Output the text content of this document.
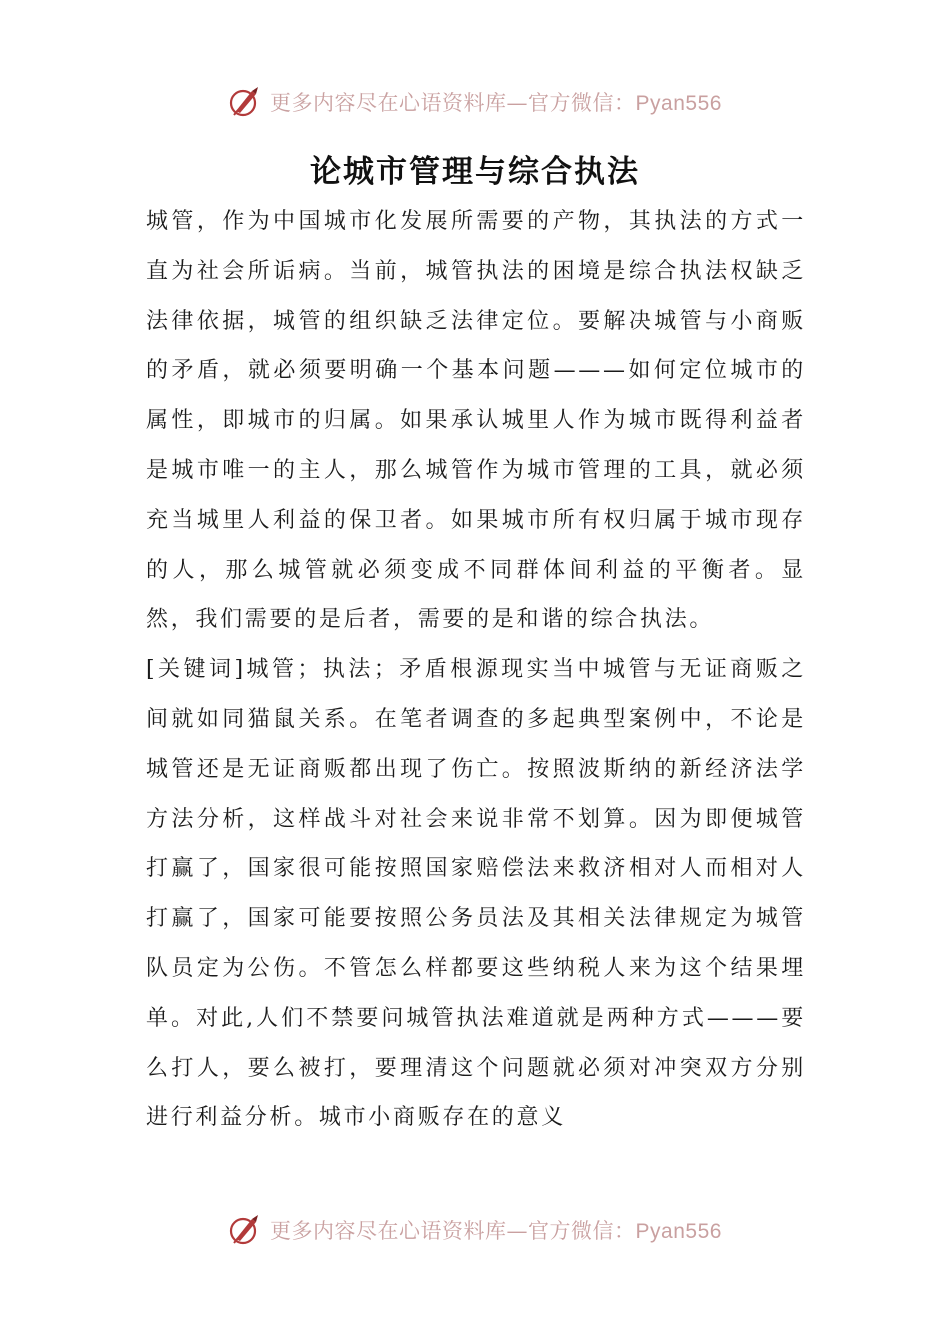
更多内容尽在心语资料库—官方微信：Pyan556
论城市管理与综合执法

城管，作为中国城市化发展所需要的产物，其执法的方式一直为社会所诟病。当前，城管执法的困境是综合执法权缺乏法律依据，城管的组织缺乏法律定位。要解决城管与小商贩的矛盾，就必须要明确一个基本问题———如何定位城市的属性，即城市的归属。如果承认城里人作为城市既得利益者是城市唯一的主人，那么城管作为城市管理的工具，就必须充当城里人利益的保卫者。如果城市所有权归属于城市现存的人，那么城管就必须变成不同群体间利益的平衡者。显然，我们需要的是后者，需要的是和谐的综合执法。

[关键词]城管；执法；矛盾根源现实当中城管与无证商贩之间就如同猫鼠关系。在笔者调查的多起典型案例中，不论是城管还是无证商贩都出现了伤亡。按照波斯纳的新经济法学方法分析，这样战斗对社会来说非常不划算。因为即便城管打赢了，国家很可能按照国家赔偿法来救济相对人而相对人打赢了，国家可能要按照公务员法及其相关法律规定为城管队员定为公伤。不管怎么样都要这些纳税人来为这个结果埋单。对此,人们不禁要问城管执法难道就是两种方式———要么打人，要么被打，要理清这个问题就必须对冲突双方分别进行利益分析。城市小商贩存在的意义

更多内容尽在心语资料库—官方微信：Pyan556
